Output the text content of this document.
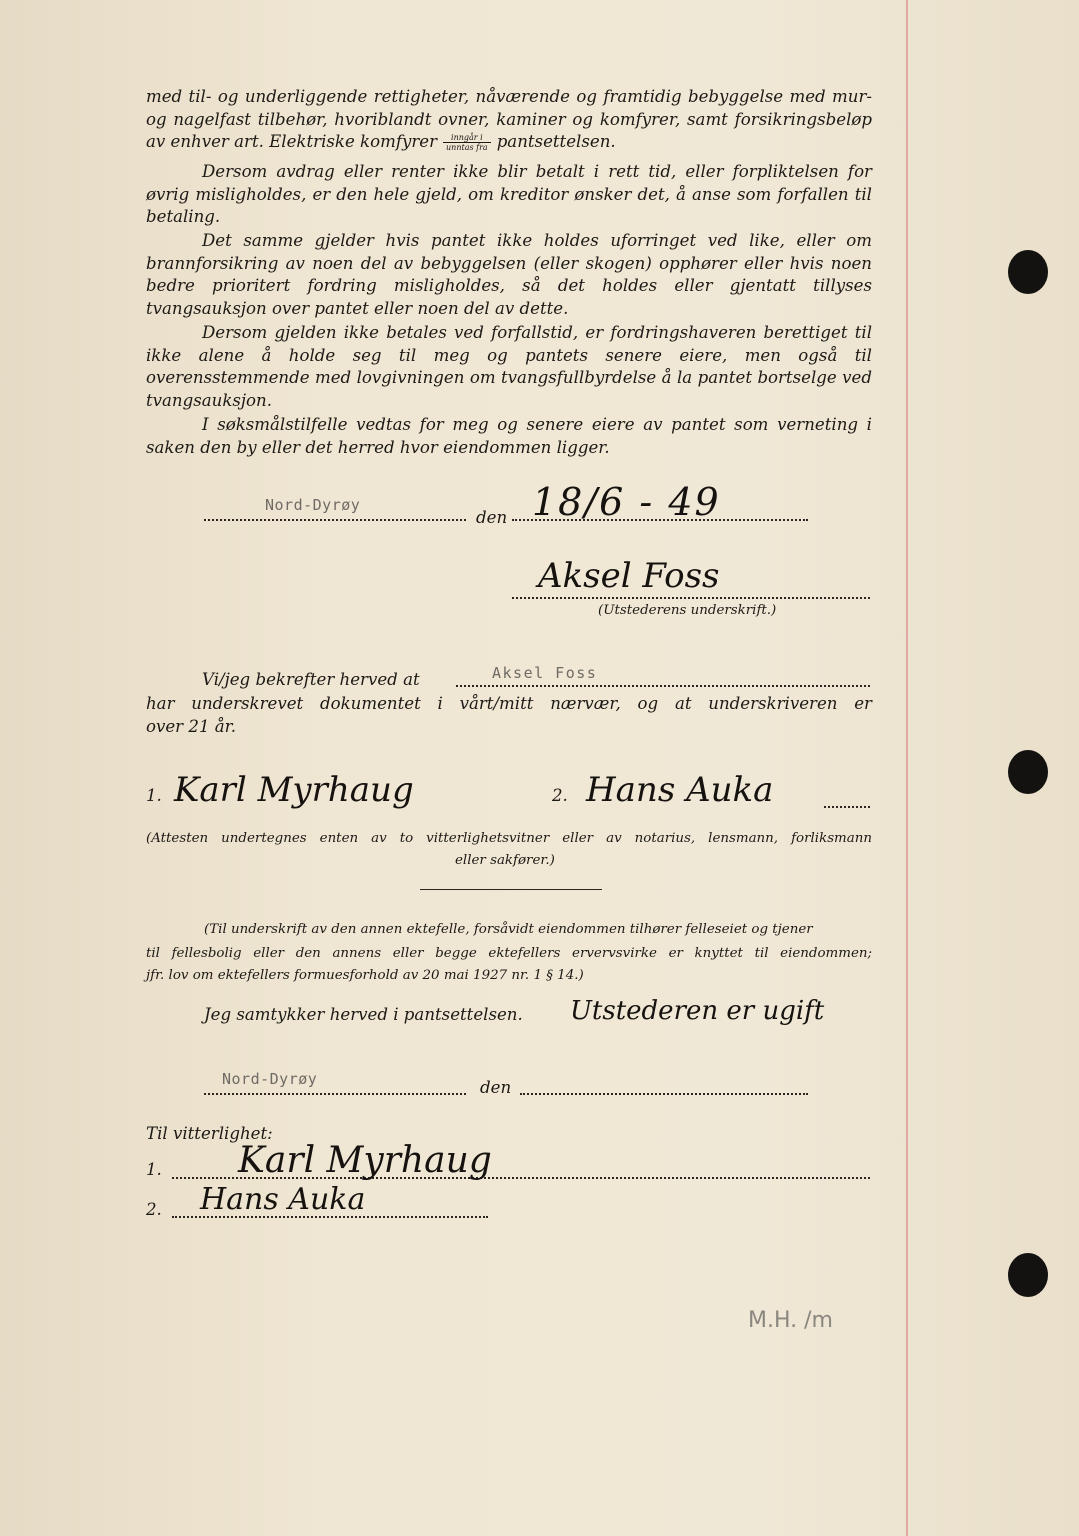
med til- og underliggende rettigheter, nåværende og framtidig bebyggelse med mur- og nagelfast tilbehør, hvoriblandt ovner, kaminer og komfyrer, samt forsikringsbeløp av enhver art. Elektriske komfyrer $\frac{\text{inngår i}}{\text{unntas fra}}$ pantsettelsen.

Dersom avdrag eller renter ikke blir betalt i rett tid, eller forpliktelsen for øvrig misligholdes, er den hele gjeld, om kreditor ønsker det, å anse som forfallen til betaling.

Det samme gjelder hvis pantet ikke holdes uforringet ved like, eller om brannforsikring av noen del av bebyggelsen (eller skogen) opphører eller hvis noen bedre prioritert fordring misligholdes, så det holdes eller gjentatt tillyses tvangsauksjon over pantet eller noen del av dette.

Dersom gjelden ikke betales ved forfallstid, er fordringshaveren berettiget til ikke alene å holde seg til meg og pantets senere eiere, men også til overensstemmende med lovgivningen om tvangsfullbyrdelse å la pantet bortselge ved tvangsauksjon.

I søksmålstilfelle vedtas for meg og senere eiere av pantet som verneting i saken den by eller det herred hvor eiendommen ligger.

Nord-Dyrøy
den 18/6 - 49
Aksel Foss
(Utstederens underskrift.)
Vi/jeg bekrefter herved at	Aksel Foss
har underskrevet dokumentet i vårt/mitt nærvær, og at underskriveren er
over 21 år.
1. Karl Myrhaug	2. Hans Auka
(Attesten undertegnes enten av to vitterlighetsvitner eller av notarius, lensmann, forliksmann
eller sakfører.)
(Til underskrift av den annen ektefelle, forsåvidt eiendommen tilhører felleseiet og tjener
til fellesbolig eller den annens eller begge ektefellers ervervsvirke er knyttet til eiendommen;
jfr. lov om ektefellers formuesforhold av 20 mai 1927 nr. 1 § 14.)
Jeg samtykker herved i pantsettelsen. Utstederen er ugift
Nord-Dyrøy	den
Til vitterlighet:
1. Karl Myrhaug
2. Hans Auka
M.H. /m
